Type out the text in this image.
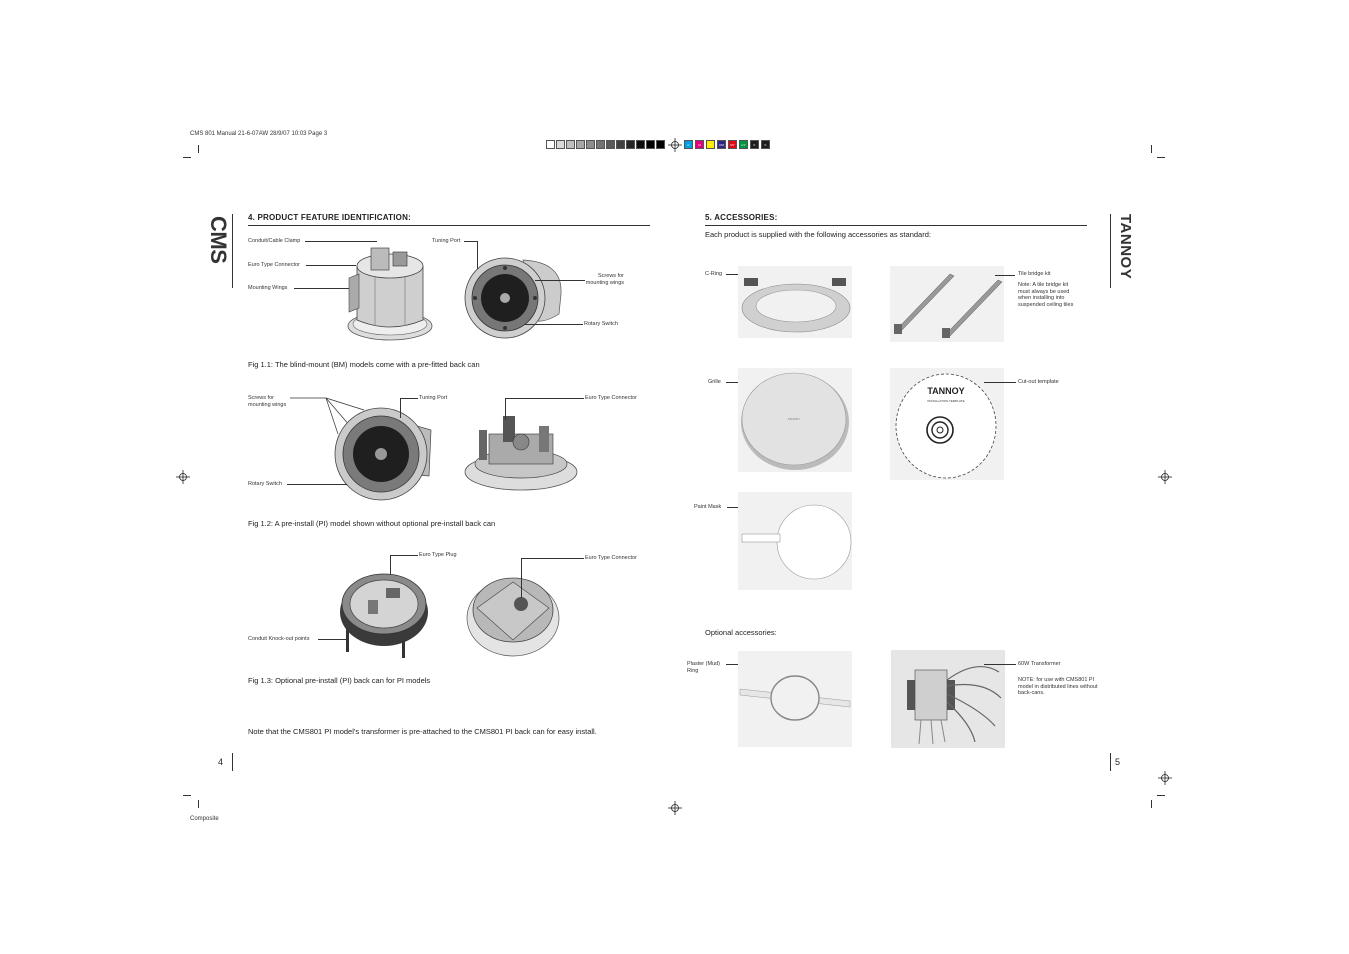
CMS 801 Manual 21-6-07AW 28/9/07 10:03 Page 3
Composite
C	M	Y	CM	MY	CY	K	K
CMS 4. PRODUCT FEATURE IDENTIFICATION:
Conduit/Cable Clamp
Euro Type Connector
Mounting Wings
Tuning Port
Screws for mounting wings
Rotary Switch
Fig 1.1: The blind-mount (BM) models come with a pre-fitted back can
Screws for mounting wings
Tuning Port
Rotary Switch
Euro Type Connector
Fig 1.2: A pre-install (PI) model shown without optional pre-install back can
Euro Type Plug
Conduit Knock-out points
Euro Type Connector
Fig 1.3: Optional pre-install (PI) back can for PI models
Note that the CMS801 PI model’s transformer is pre-attached to the CMS801 PI back can for easy install.
4
5. ACCESSORIES:
Each product is supplied with the following accessories as standard:	TANNOY
C-Ring	Tile bridge kit
Note: A tile bridge kit must always be used when installing into suspended ceiling tiles
Grille
TANNOY
TANNOY
INSTALLATION TEMPLATE
Cut-out template
Paint Mask
Optional accessories:
Plaster (Mud) Ring
60W Transformer
NOTE: for use with CMS801 PI model in distributed lines without back-cans.
5
